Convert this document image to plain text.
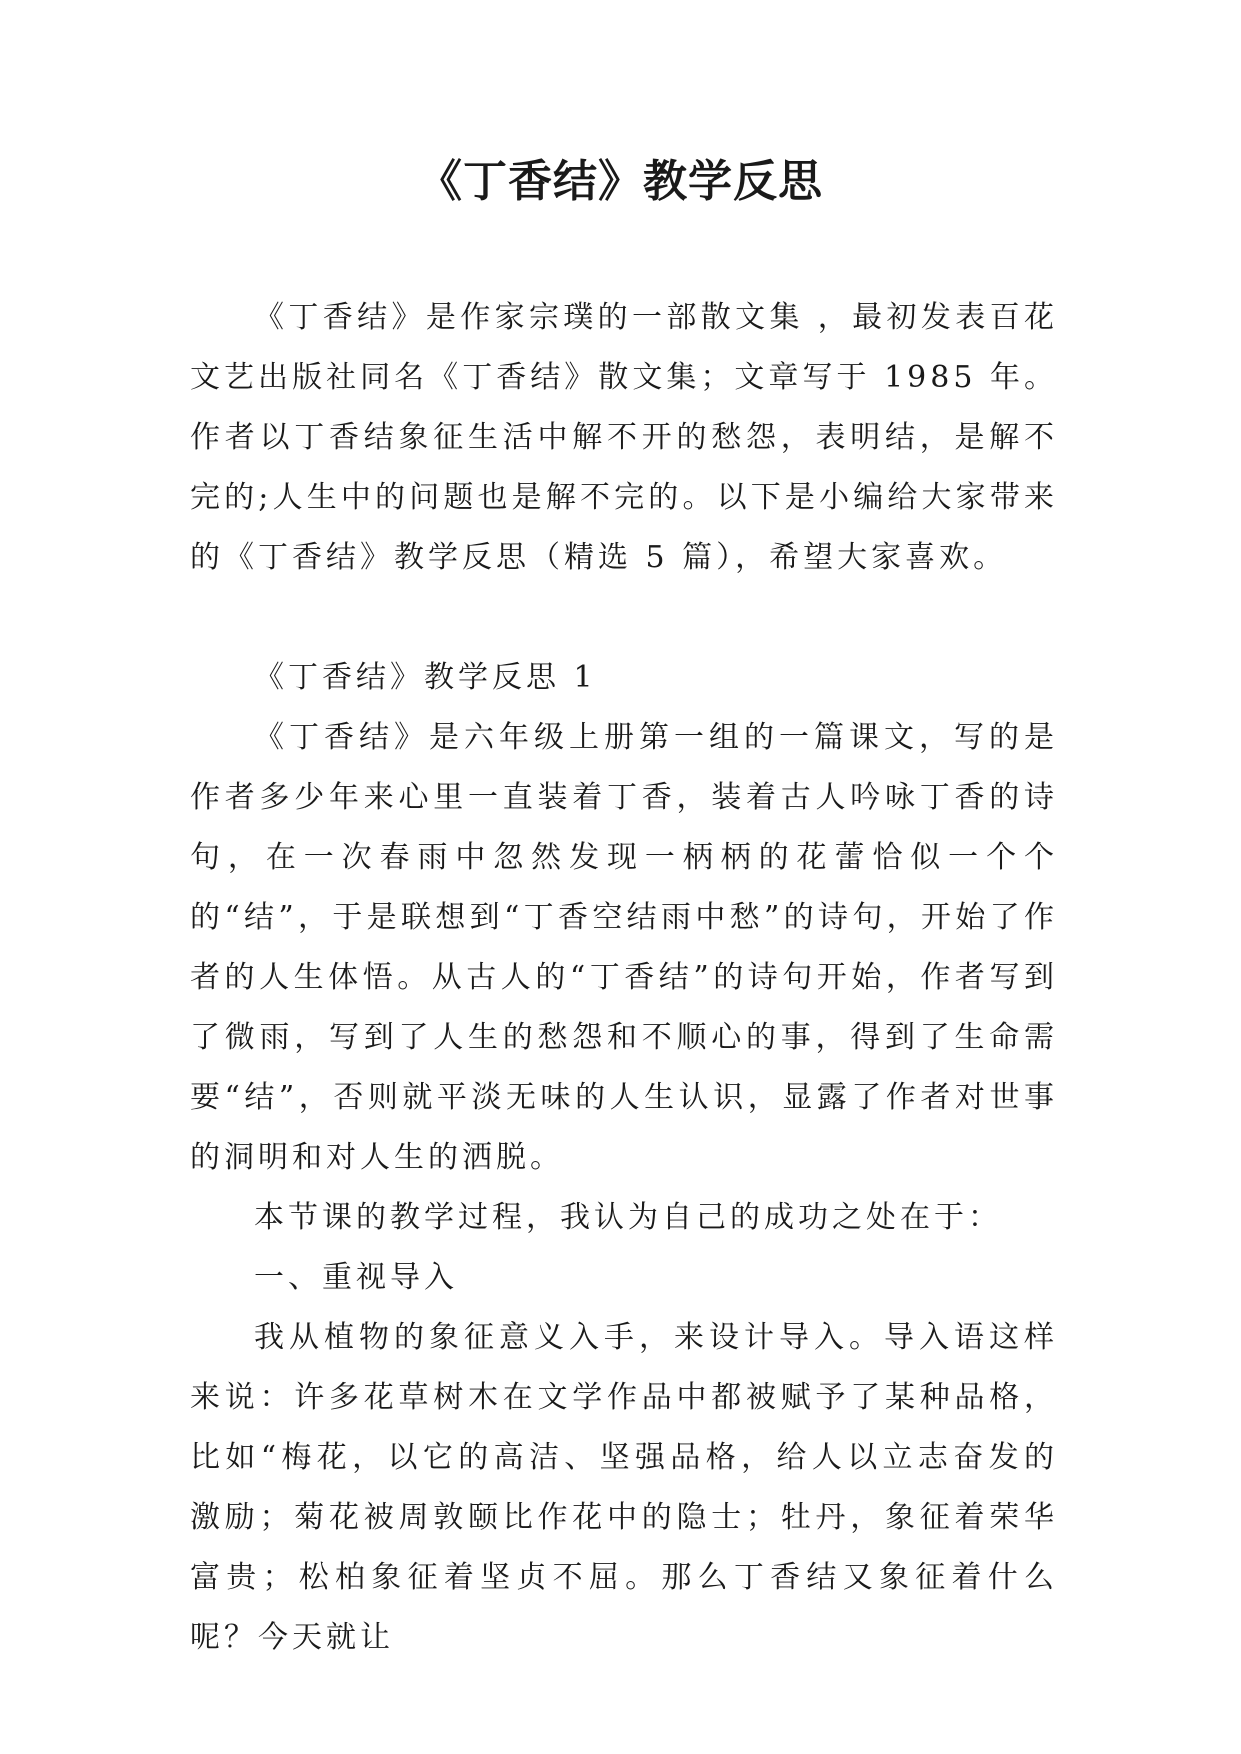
《丁香结》教学反思

《丁香结》是作家宗璞的一部散文集 ，最初发表百花文艺出版社同名《丁香结》散文集；文章写于 1985 年。作者以丁香结象征生活中解不开的愁怨，表明结，是解不完的;人生中的问题也是解不完的。以下是小编给大家带来的《丁香结》教学反思（精选 5 篇），希望大家喜欢。

《丁香结》教学反思 1

《丁香结》是六年级上册第一组的一篇课文，写的是作者多少年来心里一直装着丁香，装着古人吟咏丁香的诗句，在一次春雨中忽然发现一柄柄的花蕾恰似一个个的“结”，于是联想到“丁香空结雨中愁”的诗句，开始了作者的人生体悟。从古人的“丁香结”的诗句开始，作者写到了微雨，写到了人生的愁怨和不顺心的事，得到了生命需要“结”，否则就平淡无味的人生认识，显露了作者对世事的洞明和对人生的洒脱。

本节课的教学过程，我认为自己的成功之处在于：

一、重视导入

我从植物的象征意义入手，来设计导入。导入语这样来说：许多花草树木在文学作品中都被赋予了某种品格，比如“梅花，以它的高洁、坚强品格，给人以立志奋发的激励；菊花被周敦颐比作花中的隐士；牡丹，象征着荣华富贵；松柏象征着坚贞不屈。那么丁香结又象征着什么呢？今天就让
